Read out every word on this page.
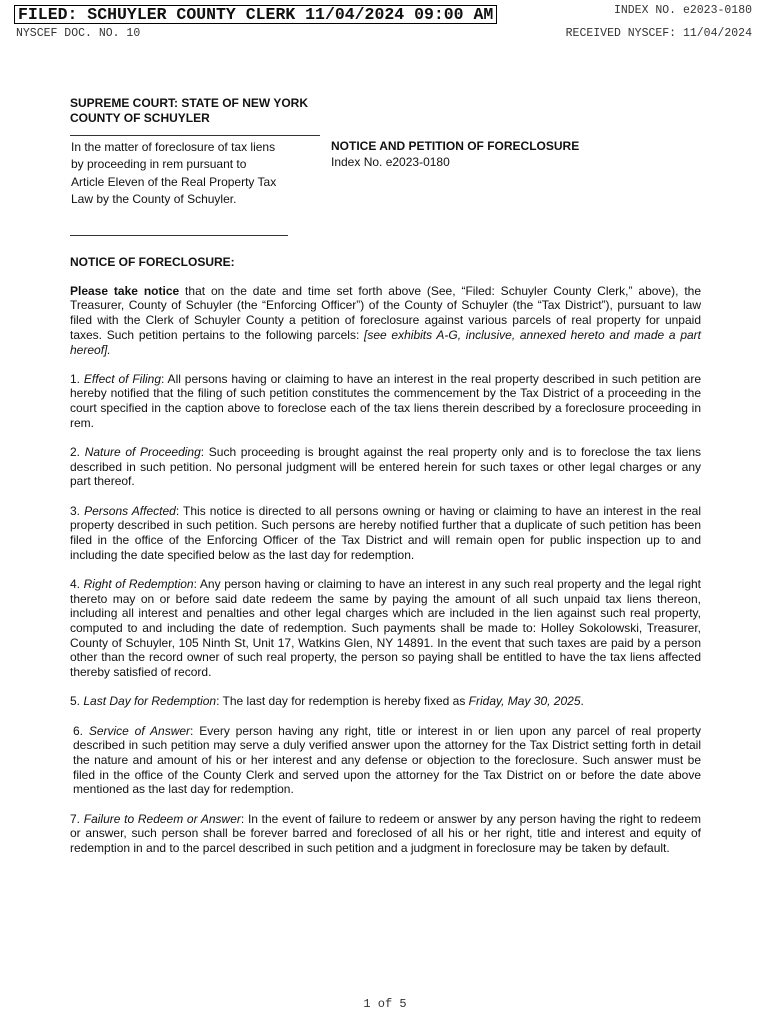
FILED: SCHUYLER COUNTY CLERK 11/04/2024 09:00 AM	INDEX NO. e2023-0180
NYSCEF DOC. NO. 10	RECEIVED NYSCEF: 11/04/2024
SUPREME COURT: STATE OF NEW YORK
COUNTY OF SCHUYLER
In the matter of foreclosure of tax liens
by proceeding in rem pursuant to
Article Eleven of the Real Property Tax
Law by the County of Schuyler.
NOTICE AND PETITION OF FORECLOSURE
Index No. e2023-0180
NOTICE OF FORECLOSURE:

Please take notice that on the date and time set forth above (See, “Filed: Schuyler County Clerk,” above), the Treasurer, County of Schuyler (the “Enforcing Officer”) of the County of Schuyler (the “Tax District”), pursuant to law filed with the Clerk of Schuyler County a petition of foreclosure against various parcels of real property for unpaid taxes. Such petition pertains to the following parcels: [see exhibits A-G, inclusive, annexed hereto and made a part hereof].

1. Effect of Filing: All persons having or claiming to have an interest in the real property described in such petition are hereby notified that the filing of such petition constitutes the commencement by the Tax District of a proceeding in the court specified in the caption above to foreclose each of the tax liens therein described by a foreclosure proceeding in rem.

2. Nature of Proceeding: Such proceeding is brought against the real property only and is to foreclose the tax liens described in such petition. No personal judgment will be entered herein for such taxes or other legal charges or any part thereof.

3. Persons Affected: This notice is directed to all persons owning or having or claiming to have an interest in the real property described in such petition. Such persons are hereby notified further that a duplicate of such petition has been filed in the office of the Enforcing Officer of the Tax District and will remain open for public inspection up to and including the date specified below as the last day for redemption.

4. Right of Redemption: Any person having or claiming to have an interest in any such real property and the legal right thereto may on or before said date redeem the same by paying the amount of all such unpaid tax liens thereon, including all interest and penalties and other legal charges which are included in the lien against such real property, computed to and including the date of redemption. Such payments shall be made to: Holley Sokolowski, Treasurer, County of Schuyler, 105 Ninth St, Unit 17, Watkins Glen, NY 14891. In the event that such taxes are paid by a person other than the record owner of such real property, the person so paying shall be entitled to have the tax liens affected thereby satisfied of record.

5. Last Day for Redemption: The last day for redemption is hereby fixed as Friday, May 30, 2025.

6. Service of Answer: Every person having any right, title or interest in or lien upon any parcel of real property described in such petition may serve a duly verified answer upon the attorney for the Tax District setting forth in detail the nature and amount of his or her interest and any defense or objection to the foreclosure. Such answer must be filed in the office of the County Clerk and served upon the attorney for the Tax District on or before the date above mentioned as the last day for redemption.

7. Failure to Redeem or Answer: In the event of failure to redeem or answer by any person having the right to redeem or answer, such person shall be forever barred and foreclosed of all his or her right, title and interest and equity of redemption in and to the parcel described in such petition and a judgment in foreclosure may be taken by default.

1 of 5
